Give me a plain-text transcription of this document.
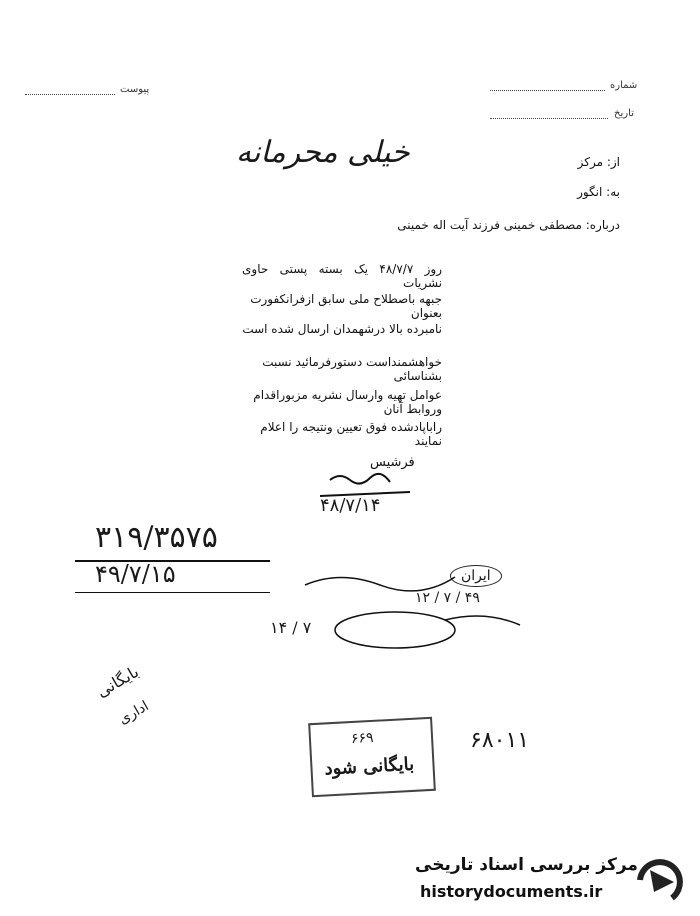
شماره
تاریخ
پیوست
خیلی محرمانه	از: مرکز
به: انگور
درباره: مصطفی خمینی فرزند آیت اله خمینی
روز ۴۸/۷/۷ یک بسته پستی حاوی نشریات
جبهه باصطلاح ملی سابق ازفرانکفورت بعنوان
نامبرده بالا درشهمدان ارسال شده است
خواهشمنداست دستورفرمائید نسبت بشناسائی
عوامل تهیه وارسال نشریه مزبوراقدام وروابط آنان
راباپادشده فوق تعیین ونتیجه را اعلام نمایند
فرشیس
۴۸/۷/۱۴
۳۱۹/۳۵۷۵
۴۹/۷/۱۵	ایران
۱۲ / ۷ / ۴۹
۱۴ / ۷
بایگانی
اداری
۶۸۰۱۱
۶۶۹
بایگانی شود
مرکز بررسی اسناد تاریخی
historydocuments.ir
